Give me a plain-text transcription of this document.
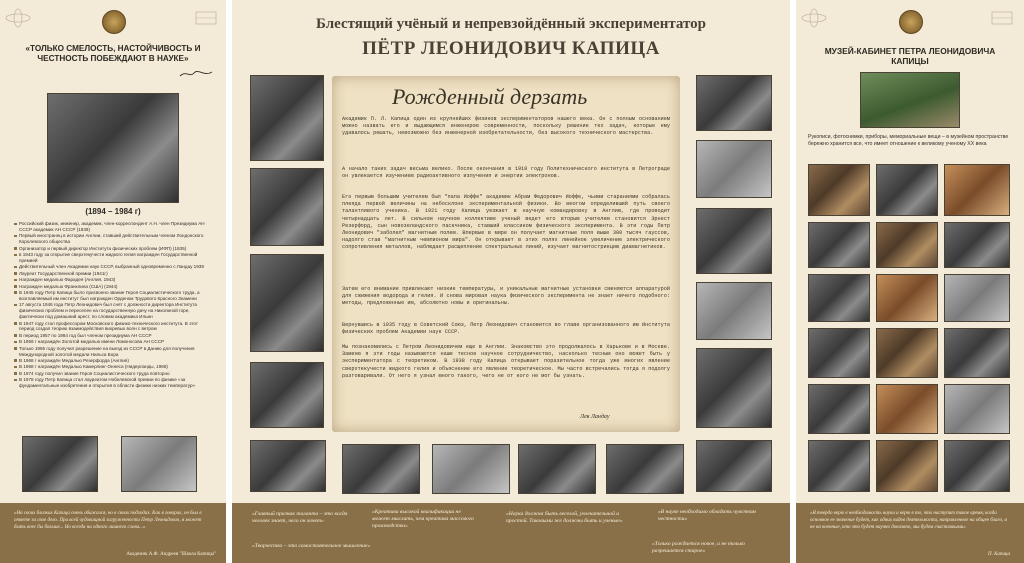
«ТОЛЬКО СМЕЛОСТЬ, НАСТОЙЧИВОСТЬ И ЧЕСТНОСТЬ ПОБЕЖДАЮТ В НАУКЕ»
(1894 – 1984 г)
Российский физик, инженер, академик, член-корреспондент А.Н. член Президиума АН СССР академик АН СССР (1939)
Первый иностранец в истории Англии, ставший действительным членом Лондонского Королевского общества
Организатор и первый директор Института физических проблем (ИФП) (1935)
в 1943 году за открытие сверхтекучести жидкого гелия награжден Государственной премией
Действительный член Академии наук СССР, выбранный одновременно с Ландау 1939
Лауреат Государственной премии (1941г)
Награжден медалью Фарадея (Англия, 1943)
Награжден медалью Франклина (США) (1944)
В 1945 году Петр Капица было присвоено звание Героя Социалистического труда, а возглавляемый им институт был награжден Орденом Трудового Красного Знамени
17 августа 1946 года Петр Леонидович был снят с должности директора Института физических проблем и переселен на государственную дачу на Николиной горе, фактически под домашний арест, по словам академика Ильин
В 1947 году стал профессором Московского физико-технического института. В этот период создал теорию взаимодействия вихревых волн с ветром
В период 1957 по 1984 год был членом президиума АН СССР
В 1959 г награждён Золотой медалью имени Ломоносова АН СССР
Только 1965 году получил разрешение на выезд из СССР в Данию для получения Международной золотой медали Нильса Бора
В 1968 г награждён Медалью Резерфорда (Англия)
В 1968 г награждён Медалью Камерлинг-Оннеса (Нидерланды, 1968)
В 1974 году получил звание Героя Социалистического труда повторно
В 1978 году Петр Капица стал лауреатом Нобелевской премии по физике «за фундаментальные изобретения и открытия в области физики низких температур»
«На своих близких Капица очень обижался, но в своих подходах. Как я говорил, он был в ответе за свое дело. При всей чудовищной загруженности Петр Леонидович, я может быть внес бы больше... Но всегда ни одного лишнего слова...»
Академик А.Ф. Андреев "Школа Капицы"
Блестящий учёный и непревзойдённый экспериментатор
ПЁТР ЛЕОНИДОВИЧ КАПИЦА
Рожденный дерзать

Академик П. Л. Капица один из крупнейших физиков экспериментаторов нашего века. Он с полным основанием можно назвать его и выдающимся инженером современности, поскольку решение тех задач, которые ему удавалось решать, невозможно без инженерной изобретательности, без высокого технического мастерства.

А начало таких задач весьма велико. После окончания в 1918 году Политехнического института в Петрограде он увлекается изучением радиоактивного излучения и энергии электронов.

Его первым большим учителем был "папа Иоффе" академик Абрам Федорович Иоффе, чьими стараниями собралась плеяда первой величины на небосклоне экспериментальной физики. Во многом определивший путь своего талантливого ученика. В 1921 году Капица уезжает в научную командировку в Англию, где проводит четырнадцать лет. В сильном научном коллективе ученый ведет его вторым учителем становится Эрнест Резерфорд, сын новозеландского пасечника, ставший классиком физического эксперимента. В эти годы Петр Леонидович "заболел" магнитным полем. Впервые в мире он получает магнитные поля выше 300 тысяч гауссов, надолго став "магнитным чемпионом мира". Он открывает в этих полях линейное увеличение электрического сопротивления металлов, наблюдает расщепление спектральных линий, изучает магнитострикцию диамагнетиков.

Затем его внимание привлекают низкие температуры, и уникальные магнитные установки сменяются аппаратурой для сжижения водорода и гелия. И снова мировая наука физического эксперимента не знает ничего подобного: методы, предложенные им, абсолютно новы и оригинальны.

Вернувшись в 1935 году в Советский Союз, Петр Леонидович становится во главе организованного им Института физических проблем Академии наук СССР.

Мы познакомились с Петром Леонидовичем еще в Англии. Знакомство это продолжалось в Харькове и в Москве. Заменю я эти годы называются наше тесное научное сотрудничество, насколько тесным оно может быть у экспериментатора с теоретиком. В 1938 году Капица открывает поразительное тогда уже многих явление сверхтекучести жидкого гелия и объяснение его явление теоретическое. Мы часто встречались тогда я подолгу разговаривали. От него я узнал много такого, чего не от кого не мог бы узнать.

Лев Ландау
«Главный признак таланта – это когда человек знает, чего он хочет»
«Творчество – это самостоятельное мышление»
«Креатива высокой квалификации не может мыслить, чем креатива массового производства»
«Наука должна быть веселой, увлекательной и простой. Таковыми же должны быть и ученые»
«В науке необходимо обладать чувством честности»
«Только рождается новое, а не только разрешается старое»
МУЗЕЙ-КАБИНЕТ ПЕТРА ЛЕОНИДОВИЧА КАПИЦЫ
Рукописи, фотоснимки, приборы, мемориальные вещи – в музейном пространстве бережно хранится все, что имеет отношение к великому ученому XX века
«Я твердо верю в необходимость науки и верю в то, что наступит такое время, когда основное ее значение будет, как одних видов деятельности, направленное на общее благо, а не на военные, кто это будет научно доказано, мы будем счастливыми»
П. Капица
